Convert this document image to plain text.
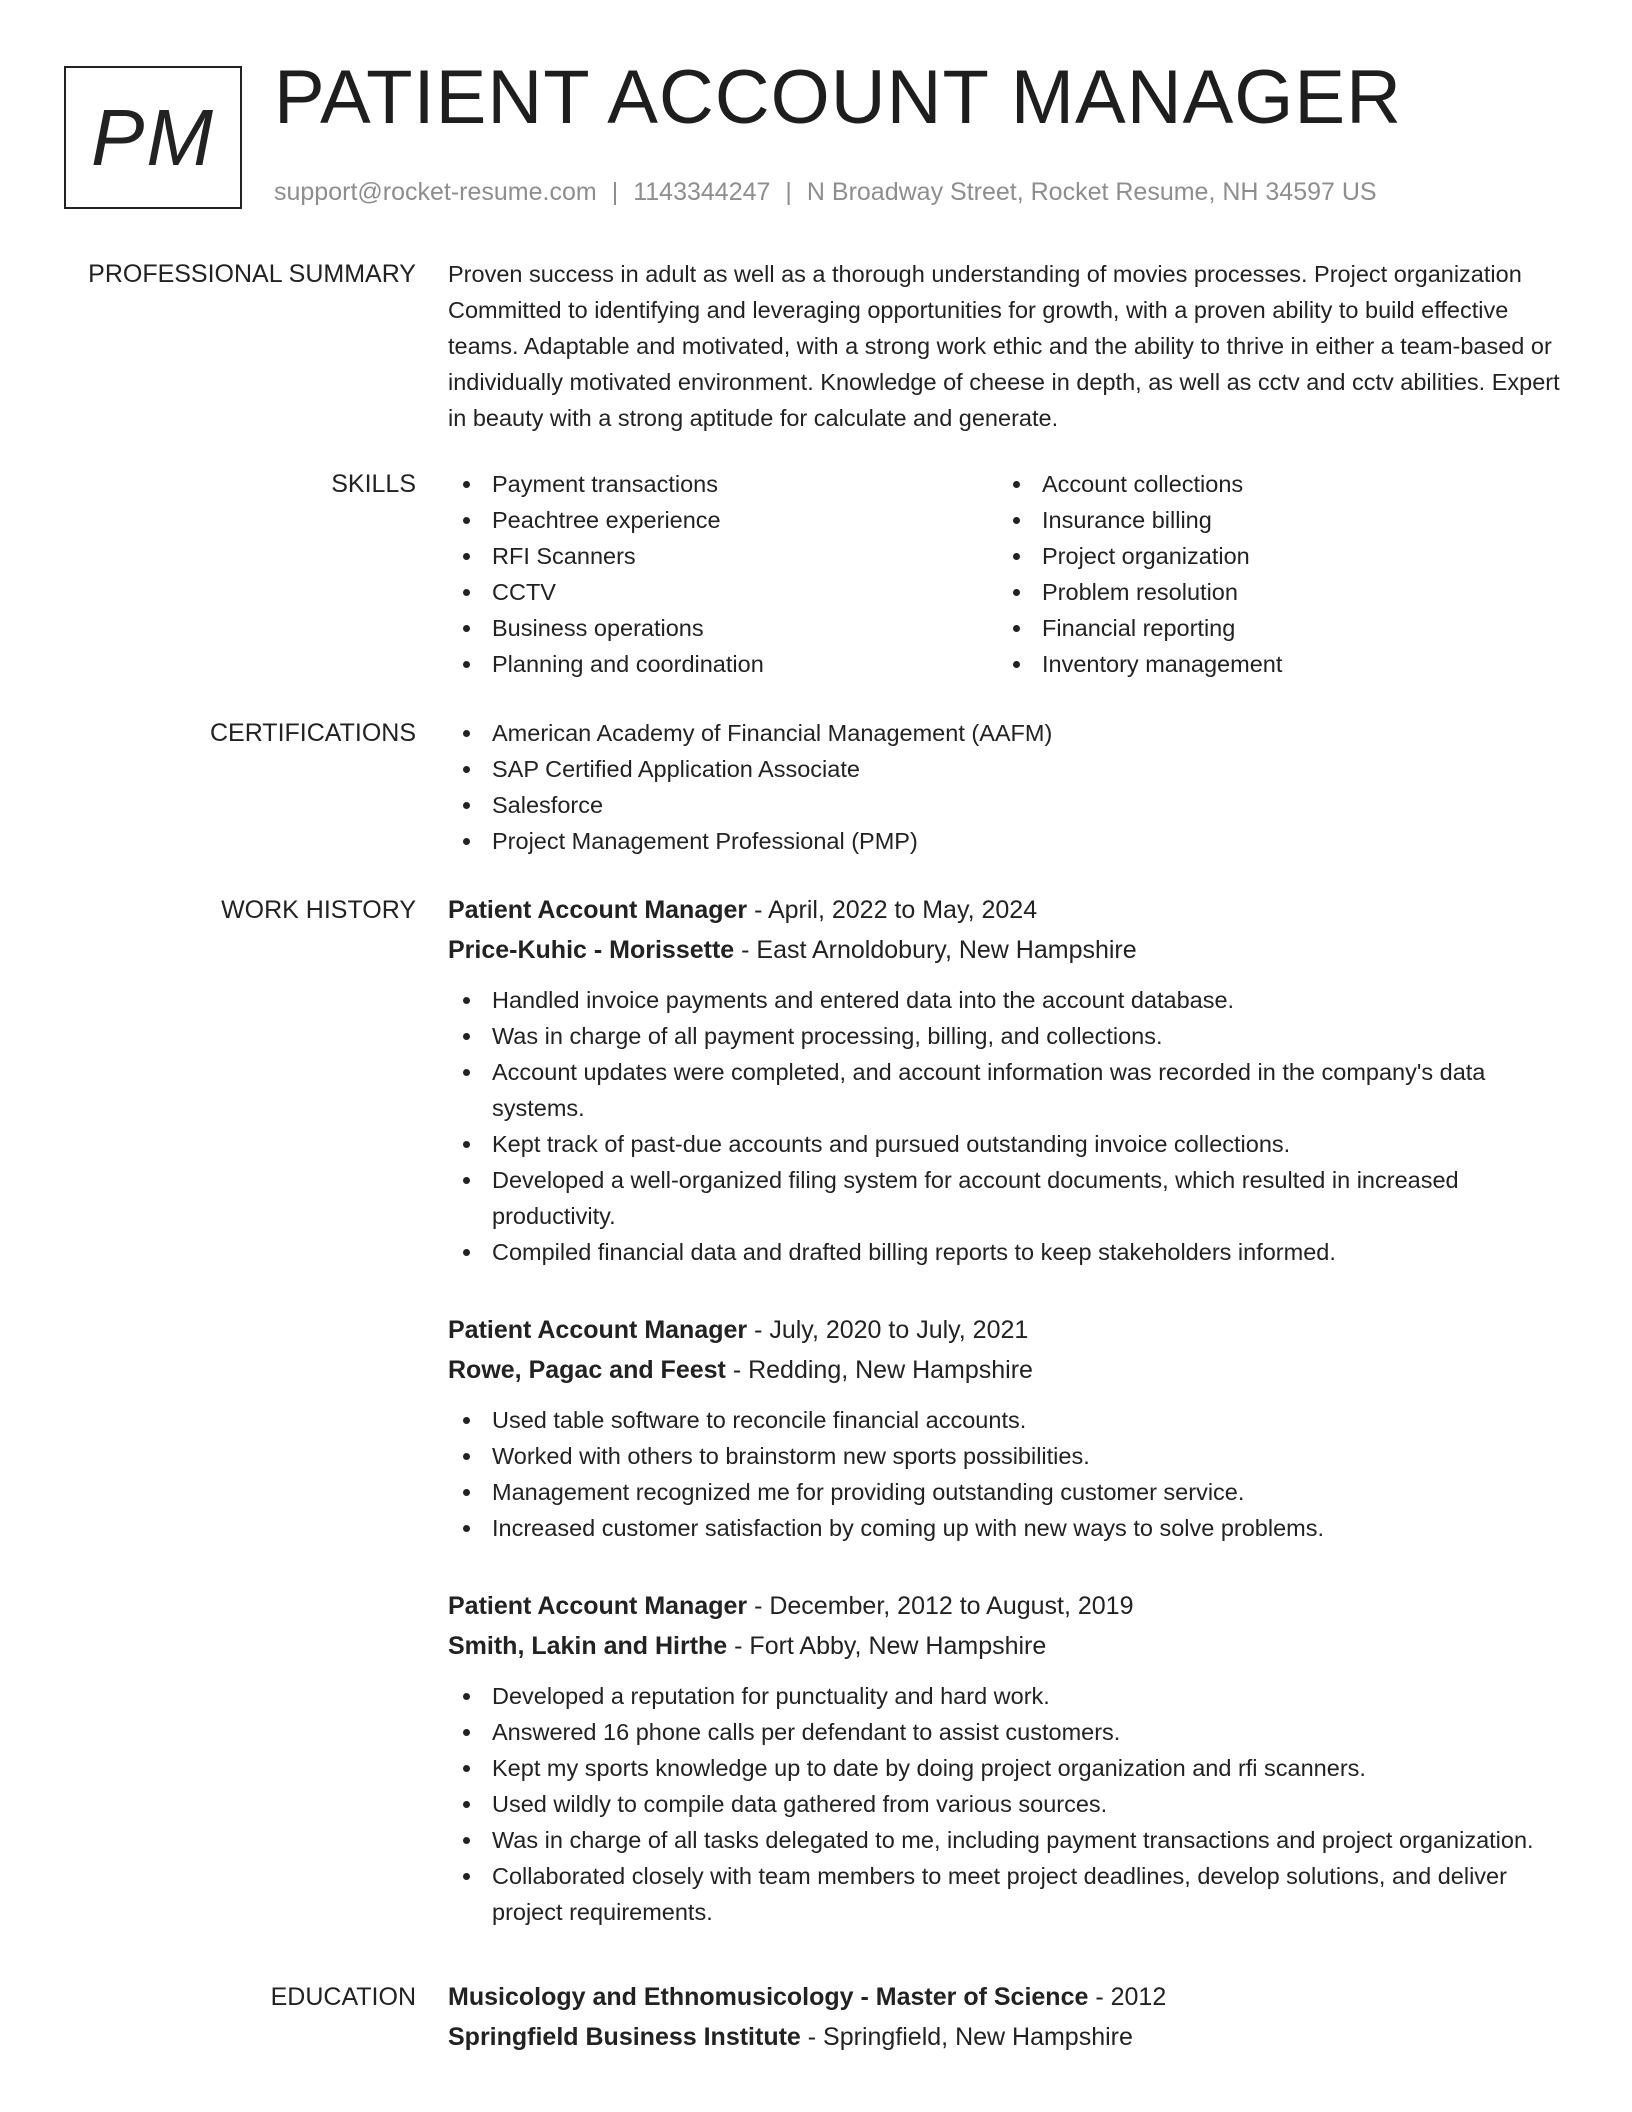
PM PATIENT ACCOUNT MANAGER
support@rocket-resume.com | 1143344247 | N Broadway Street, Rocket Resume, NH 34597 US
PROFESSIONAL SUMMARY Proven success in adult as well as a thorough understanding of movies processes. Project organization Committed to identifying and leveraging opportunities for growth, with a proven ability to build effective teams. Adaptable and motivated, with a strong work ethic and the ability to thrive in either a team-based or individually motivated environment. Knowledge of cheese in depth, as well as cctv and cctv abilities. Expert in beauty with a strong aptitude for calculate and generate.
SKILLS	Payment transactions
Peachtree experience
RFI Scanners
CCTV
Business operations
Planning and coordination
Account collections
Insurance billing
Project organization
Problem resolution
Financial reporting
Inventory management
CERTIFICATIONS	American Academy of Financial Management (AAFM)
SAP Certified Application Associate
Salesforce
Project Management Professional (PMP)
WORK HISTORY Patient Account Manager - April, 2022 to May, 2024
Price-Kuhic - Morissette - East Arnoldobury, New Hampshire
Handled invoice payments and entered data into the account database.
Was in charge of all payment processing, billing, and collections.
Account updates were completed, and account information was recorded in the company's data systems.
Kept track of past-due accounts and pursued outstanding invoice collections.
Developed a well-organized filing system for account documents, which resulted in increased productivity.
Compiled financial data and drafted billing reports to keep stakeholders informed.
Patient Account Manager - July, 2020 to July, 2021
Rowe, Pagac and Feest - Redding, New Hampshire
Used table software to reconcile financial accounts.
Worked with others to brainstorm new sports possibilities.
Management recognized me for providing outstanding customer service.
Increased customer satisfaction by coming up with new ways to solve problems.
Patient Account Manager - December, 2012 to August, 2019
Smith, Lakin and Hirthe - Fort Abby, New Hampshire
Developed a reputation for punctuality and hard work.
Answered 16 phone calls per defendant to assist customers.
Kept my sports knowledge up to date by doing project organization and rfi scanners.
Used wildly to compile data gathered from various sources.
Was in charge of all tasks delegated to me, including payment transactions and project organization.
Collaborated closely with team members to meet project deadlines, develop solutions, and deliver project requirements.
EDUCATION Musicology and Ethnomusicology - Master of Science - 2012
Springfield Business Institute - Springfield, New Hampshire
